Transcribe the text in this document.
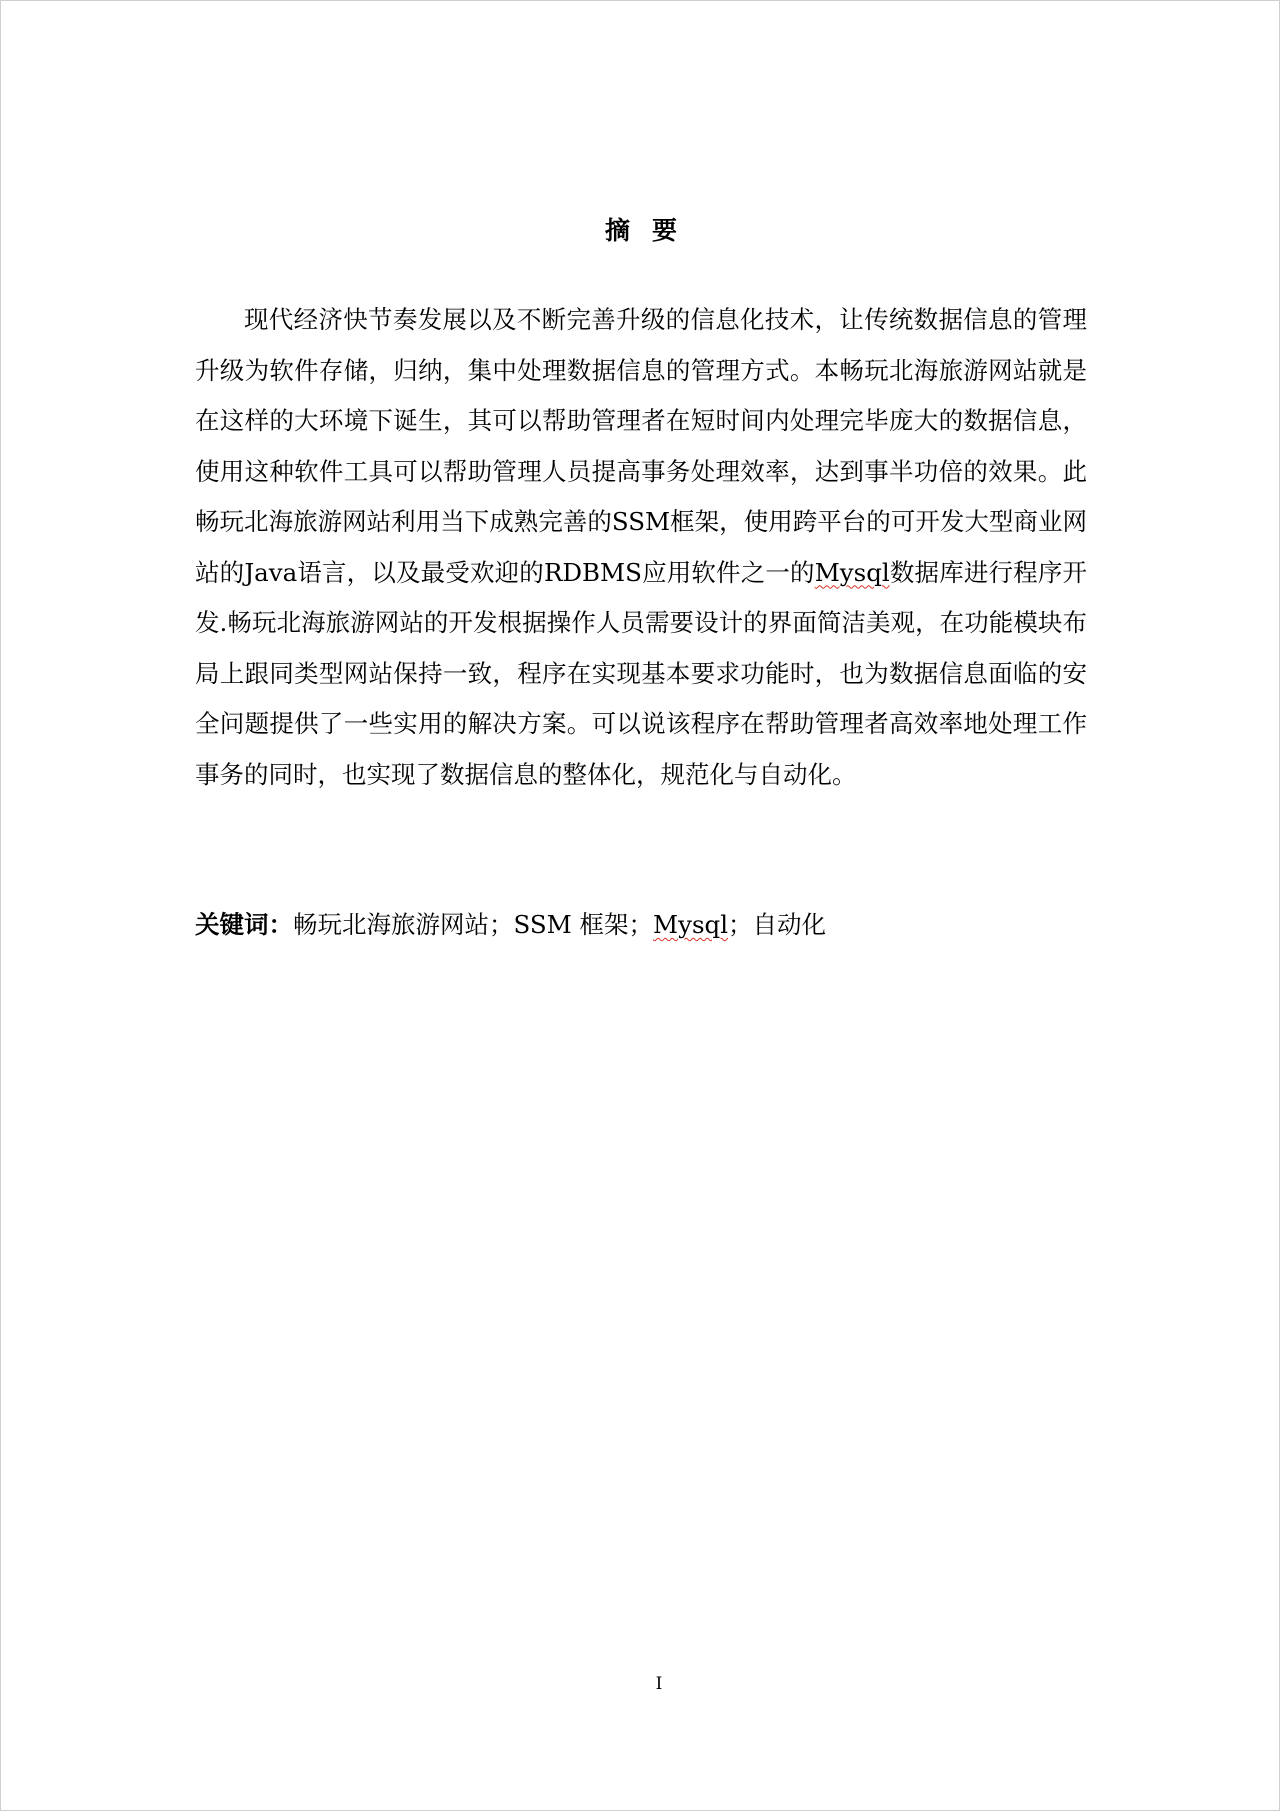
摘要

现代经济快节奏发展以及不断完善升级的信息化技术，让传统数据信息的管理升级为软件存储，归纳，集中处理数据信息的管理方式。本畅玩北海旅游网站就是在这样的大环境下诞生，其可以帮助管理者在短时间内处理完毕庞大的数据信息，使用这种软件工具可以帮助管理人员提高事务处理效率，达到事半功倍的效果。此畅玩北海旅游网站利用当下成熟完善的SSM框架，使用跨平台的可开发大型商业网站的Java语言，以及最受欢迎的RDBMS应用软件之一的Mysql数据库进行程序开发.畅玩北海旅游网站的开发根据操作人员需要设计的界面简洁美观，在功能模块布局上跟同类型网站保持一致，程序在实现基本要求功能时，也为数据信息面临的安全问题提供了一些实用的解决方案。可以说该程序在帮助管理者高效率地处理工作事务的同时，也实现了数据信息的整体化，规范化与自动化。

关键词：畅玩北海旅游网站；SSM 框架；Mysql；自动化
I
